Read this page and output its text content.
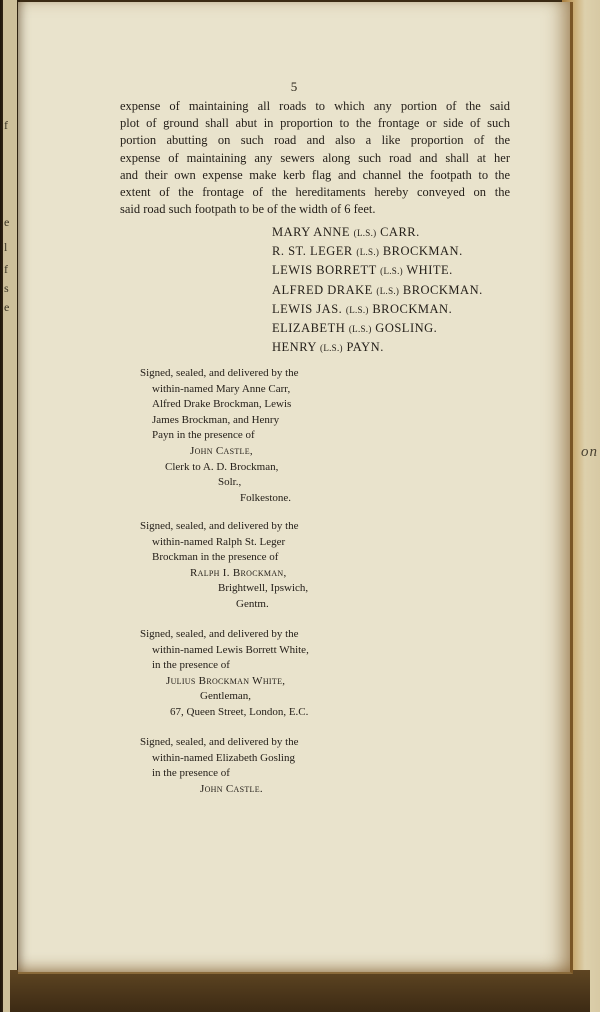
f
e
l
f
s
e
on
5
expense of maintaining all roads to which any portion of the said
plot of ground shall abut in proportion to the frontage or side of such
portion abutting on such road and also a like proportion of the
expense of maintaining any sewers along such road and shall at her
and their own expense make kerb flag and channel the footpath to the
extent of the frontage of the hereditaments hereby conveyed on the
said road such footpath to be of the width of 6 feet.
MARY ANNE (L.S.) CARR.
R. ST. LEGER (L.S.) BROCKMAN.
LEWIS BORRETT (L.S.) WHITE.
ALFRED DRAKE (L.S.) BROCKMAN.
LEWIS JAS. (L.S.) BROCKMAN.
ELIZABETH (L.S.) GOSLING.
HENRY (L.S.) PAYN.
Signed, sealed, and delivered by the
within-named Mary Anne Carr,
Alfred Drake Brockman, Lewis
James Brockman, and Henry
Payn in the presence of
John Castle,
Clerk to A. D. Brockman,
Solr.,
Folkestone.
Signed, sealed, and delivered by the
within-named Ralph St. Leger
Brockman in the presence of
Ralph I. Brockman,
Brightwell, Ipswich,
Gentm.
Signed, sealed, and delivered by the
within-named Lewis Borrett White,
in the presence of
Julius Brockman White,
Gentleman,
67, Queen Street, London, E.C.
Signed, sealed, and delivered by the
within-named Elizabeth Gosling
in the presence of
John Castle.
